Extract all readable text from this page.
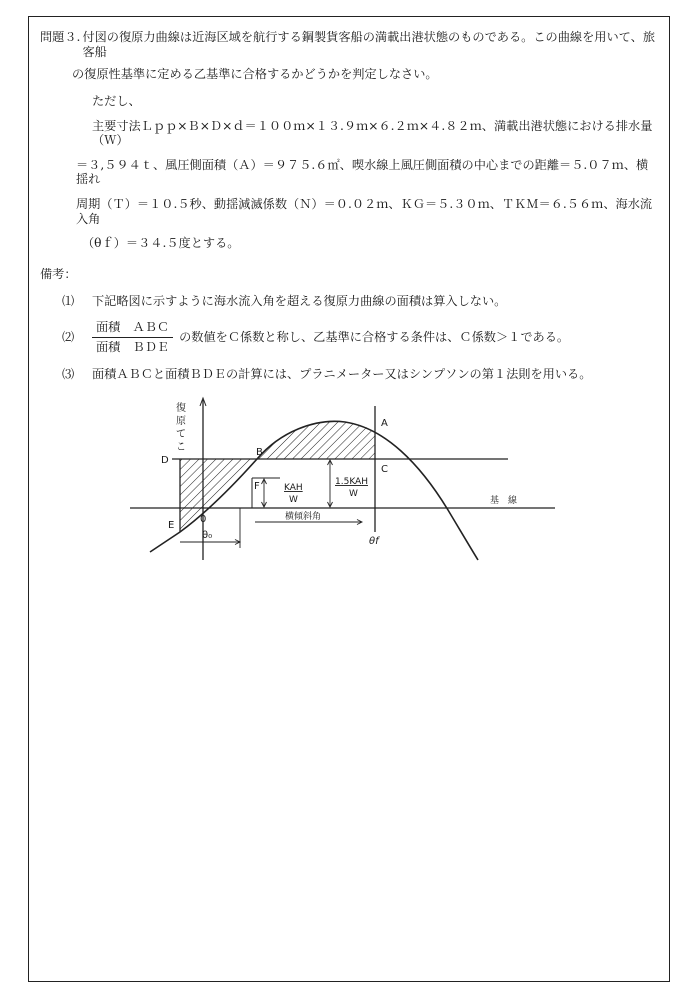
問題３. 付図の復原力曲線は近海区域を航行する鋼製貨客船の満載出港状態のものである。この曲線を用いて、旅客船
の復原性基準に定める乙基準に合格するかどうかを判定しなさい。
ただし、
主要寸法Ｌｐｐ×Ｂ×Ｄ×ｄ＝１００ｍ×１３.９ｍ×６.２ｍ×４.８２ｍ、満載出港状態における排水量（Ｗ）
＝３,５９４ｔ、風圧側面積（Ａ）＝９７５.６㎡、喫水線上風圧側面積の中心までの距離＝５.０７ｍ、横揺れ
周期（Ｔ）＝１０.５秒、動揺減滅係数（Ｎ）＝０.０２ｍ、ＫＧ＝５.３０ｍ、ＴＫＭ＝６.５６ｍ、海水流入角
（θｆ）＝３４.５度とする。
備考：
⑴	下記略図に示すように海水流入角を超える復原力曲線の面積は算入しない。
⑵	$\frac{\text{面積　ＡＢＣ}}{\text{面積　ＢＤＥ}}$ の数値をＣ係数と称し、乙基準に合格する条件は、Ｃ係数＞１である。
⑶	面積ＡＢＣと面積ＢＤＥの計算には、プラニメーター又はシンプソンの第１法則を用いる。
復
原
て
こ
A
B
C
D
E
F
0
θ₀
θf
KAH
W
1.5KAH
W
横傾斜角
基　線
